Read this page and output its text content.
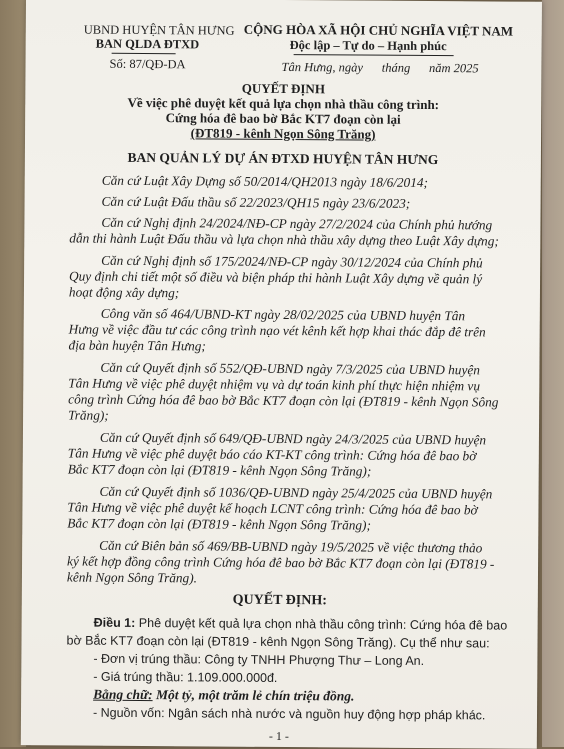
UBND HUYỆN TÂN HƯNG
BAN QLDA ĐTXD
Số: 87/QĐ-DA
CỘNG HÒA XÃ HỘI CHỦ NGHĨA VIỆT NAM
Độc lập – Tự do – Hạnh phúc
Tân Hưng, ngày      tháng      năm 2025
QUYẾT ĐỊNH
Về việc phê duyệt kết quả lựa chọn nhà thầu công trình:
Cứng hóa đê bao bờ Bắc KT7 đoạn còn lại
(ĐT819 - kênh Ngọn Sông Trăng)
BAN QUẢN LÝ DỰ ÁN ĐTXD HUYỆN TÂN HƯNG
Căn cứ Luật Xây Dựng số 50/2014/QH2013 ngày 18/6/2014;
Căn cứ Luật Đấu thầu số 22/2023/QH15 ngày 23/6/2023;
Căn cứ Nghị định 24/2024/NĐ-CP ngày 27/2/2024 của Chính phủ hướng
dẫn thi hành Luật Đấu thầu và lựa chọn nhà thầu xây dựng theo Luật Xây dựng;
Căn cứ Nghị định số 175/2024/NĐ-CP ngày 30/12/2024 của Chính phủ
Quy định chi tiết một số điều và biện pháp thi hành Luật Xây dựng về quản lý
hoạt động xây dựng;
Công văn số 464/UBND-KT ngày 28/02/2025 của UBND huyện Tân
Hưng về việc đầu tư các công trình nạo vét kênh kết hợp khai thác đắp đê trên
địa bàn huyện Tân Hưng;
Căn cứ Quyết định số 552/QĐ-UBND ngày 7/3/2025 của UBND huyện
Tân Hưng về việc phê duyệt nhiệm vụ và dự toán kinh phí thực hiện nhiệm vụ
công trình Cứng hóa đê bao bờ Bắc KT7 đoạn còn lại (ĐT819 - kênh Ngọn Sông
Trăng);
Căn cứ Quyết định số 649/QĐ-UBND ngày 24/3/2025 của UBND huyện
Tân Hưng về việc phê duyệt báo cáo KT-KT công trình: Cứng hóa đê bao bờ
Bắc KT7 đoạn còn lại (ĐT819 - kênh Ngọn Sông Trăng);
Căn cứ Quyết định số 1036/QĐ-UBND ngày 25/4/2025 của UBND huyện
Tân Hưng về việc phê duyệt kế hoạch LCNT công trình: Cứng hóa đê bao bờ
Bắc KT7 đoạn còn lại (ĐT819 - kênh Ngọn Sông Trăng);
Căn cứ Biên bản số 469/BB-UBND ngày 19/5/2025 về việc thương thảo
ký kết hợp đồng công trình Cứng hóa đê bao bờ Bắc KT7 đoạn còn lại (ĐT819 -
kênh Ngọn Sông Trăng).
QUYẾT ĐỊNH:
Điều 1: Phê duyệt kết quả lựa chọn nhà thầu công trình: Cứng hóa đê bao
bờ Bắc KT7 đoạn còn lại (ĐT819 - kênh Ngọn Sông Trăng). Cụ thể như sau:
- Đơn vị trúng thầu: Công ty TNHH Phượng Thư – Long An.
- Giá trúng thầu: 1.109.000.000đ.
Bằng chữ: Một tỷ, một trăm lẻ chín triệu đồng.
- Nguồn vốn: Ngân sách nhà nước và nguồn huy động hợp pháp khác.
- 1 -
